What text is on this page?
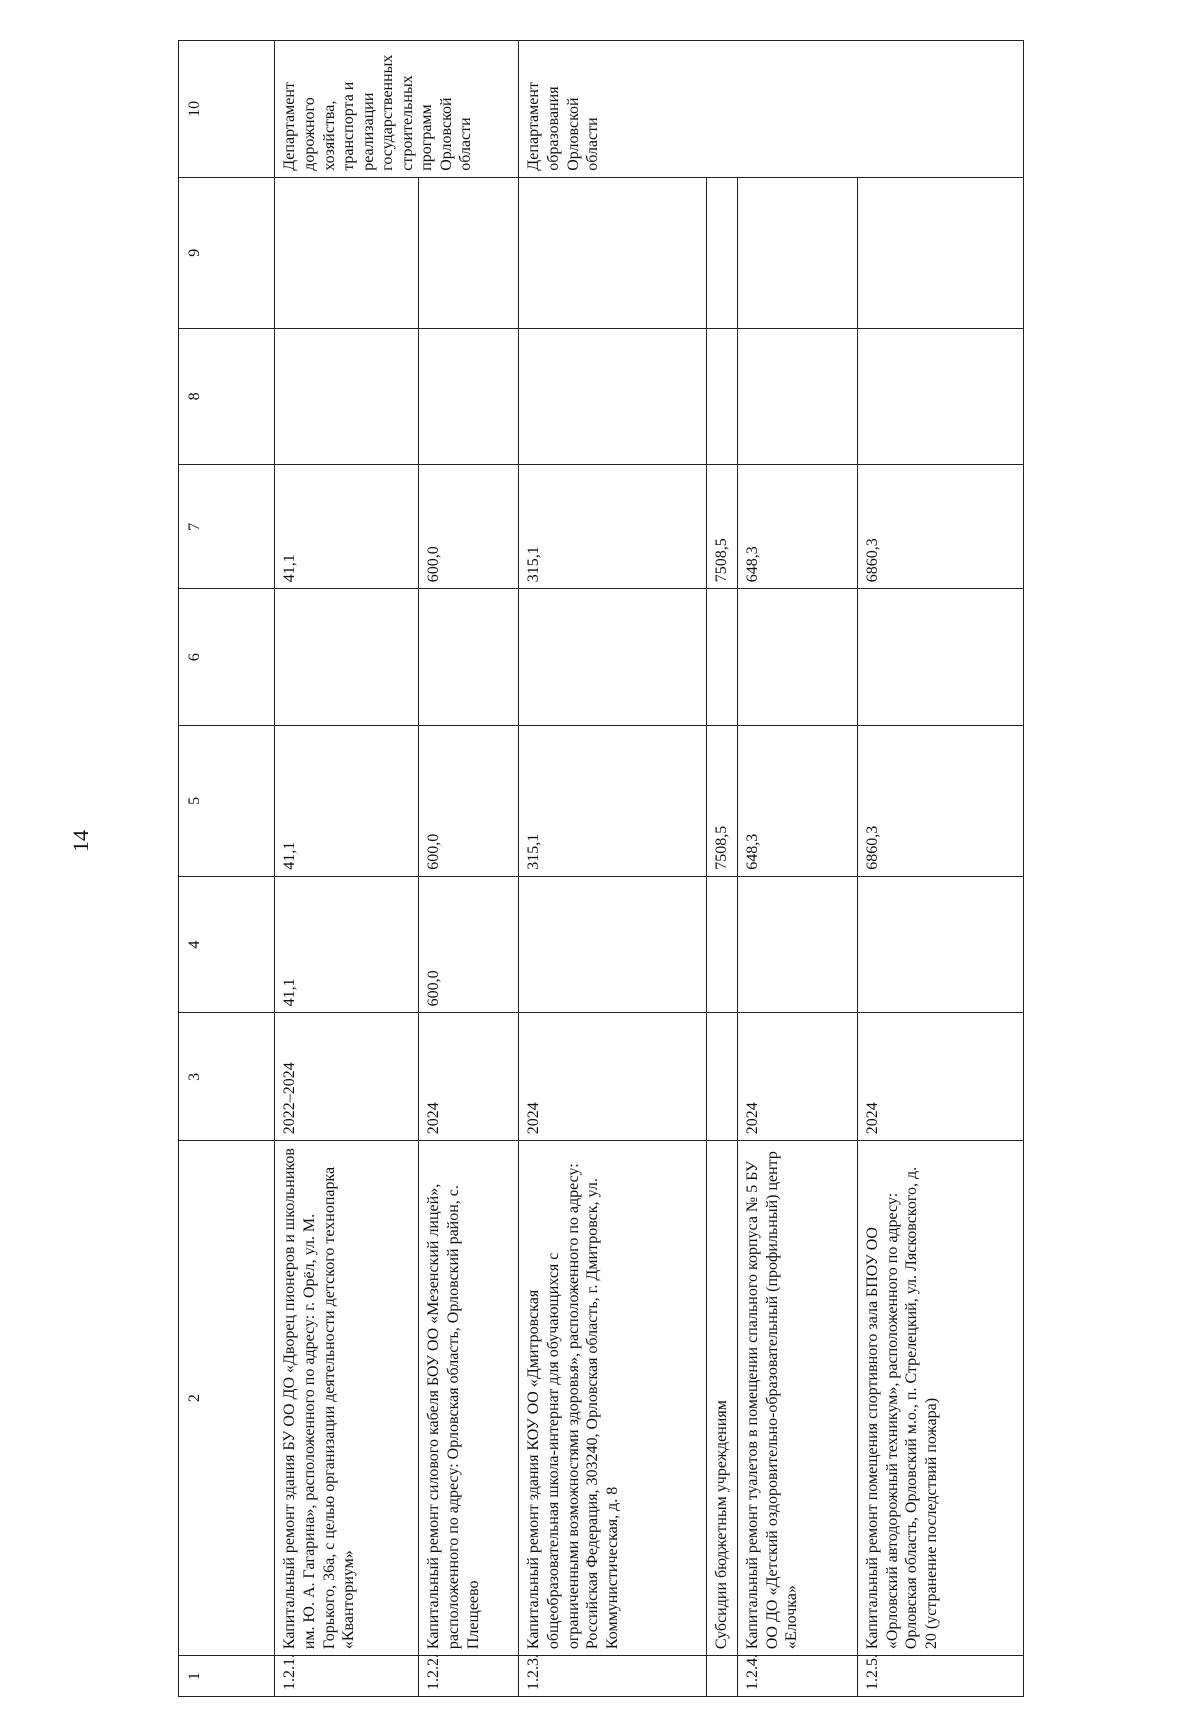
14
1	2	3	4	5	6	7	8	9	10
1.2.1.	Капитальный ремонт здания БУ ОО ДО «Дворец пионеров и школьников им. Ю. А. Гагарина», расположенного по адресу: г. Орёл, ул. М. Горького, 36а, с целью организации деятельности детского технопарка «Кванториум»	2022–2024	41,1	41,1		41,1			Департамент дорожного хозяйства, транспорта и реализации государственных строительных программ Орловской области
1.2.2.	Капитальный ремонт силового кабеля БОУ ОО «Мезенский лицей», расположенного по адресу: Орловская область, Орловский район, с. Плещеево	2024	600,0	600,0		600,0			
1.2.3.	Капитальный ремонт здания КОУ ОО «Дмитровская общеобразовательная школа-интернат для обучающихся с ограниченными возможностями здоровья», расположенного по адресу: Российская Федерация, 303240, Орловская область, г. Дмитровск, ул. Коммунистическая, д. 8	2024		315,1		315,1			Департамент образования Орловской области
	Субсидии бюджетным учреждениям			7508,5		7508,5			
1.2.4.	Капитальный ремонт туалетов в помещении спального корпуса № 5 БУ ОО ДО «Детский оздоровительно-образовательный (профильный) центр «Елочка»	2024		648,3		648,3			
1.2.5.	Капитальный ремонт помещения спортивного зала БПОУ ОО «Орловский автодорожный техникум», расположенного по адресу: Орловская область, Орловский м.о., п. Стрелецкий, ул. Лясковского, д. 20 (устранение последствий пожара)	2024		6860,3		6860,3			
